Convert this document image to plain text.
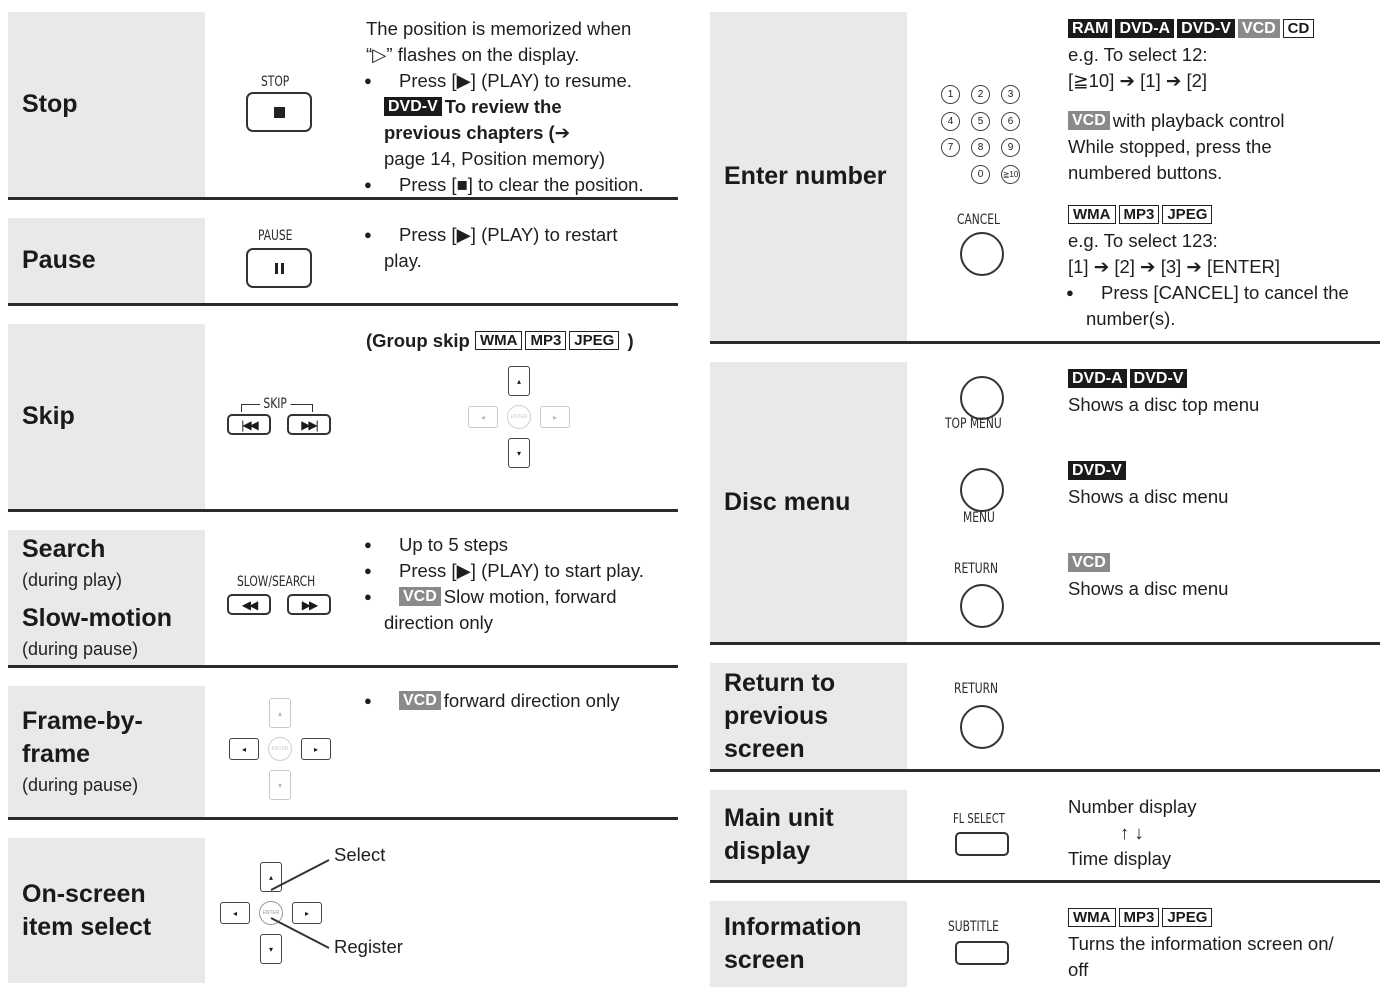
Stop
STOP
The position is memorized when
“▷” flashes on the display.
● Press [▶] (PLAY) to resume.
DVD-V To review the
previous chapters (➔
page 14, Position memory)
● Press [■] to clear the position.
Pause
PAUSE
●	Press [▶] (PLAY) to restart
play.
Skip	SKIP
|◀◀	▶▶|
(Group skip WMA MP3 JPEG )
▴
◂	ENTER	▸
▾
Search
(during play)
Slow-motion
(during pause)
SLOW/SEARCH
◀◀	▶▶
● Up to 5 steps
● Press [▶] (PLAY) to start play.
● VCD Slow motion, forward
direction only
Frame-by-
frame
(during pause)
▴
◂	ENTER	▸
▾
● VCD forward direction only
On-screen
item select
▴
◂	ENTER	▸
▾
Select
Register
Enter number
1	2	3
4	5	6
7	8	9
0	≧10
CANCEL
RAM DVD-A DVD-V VCD CD
e.g. To select 12:
[≧10] ➔ [1] ➔ [2]
VCD with playback control
While stopped, press the
numbered buttons.
WMA MP3 JPEG
e.g. To select 123:
[1] ➔ [2] ➔ [3] ➔ [ENTER]
● Press [CANCEL] to cancel the
number(s).
Disc menu
TOP MENU
MENU
RETURN
DVD-A DVD-V
Shows a disc top menu
DVD-V
Shows a disc menu
VCD
Shows a disc menu
Return to
previous
screen
RETURN
Main unit
display
FL SELECT
Number display
↑ ↓
Time display
Information
screen
SUBTITLE
WMA MP3 JPEG
Turns the information screen on/
off
